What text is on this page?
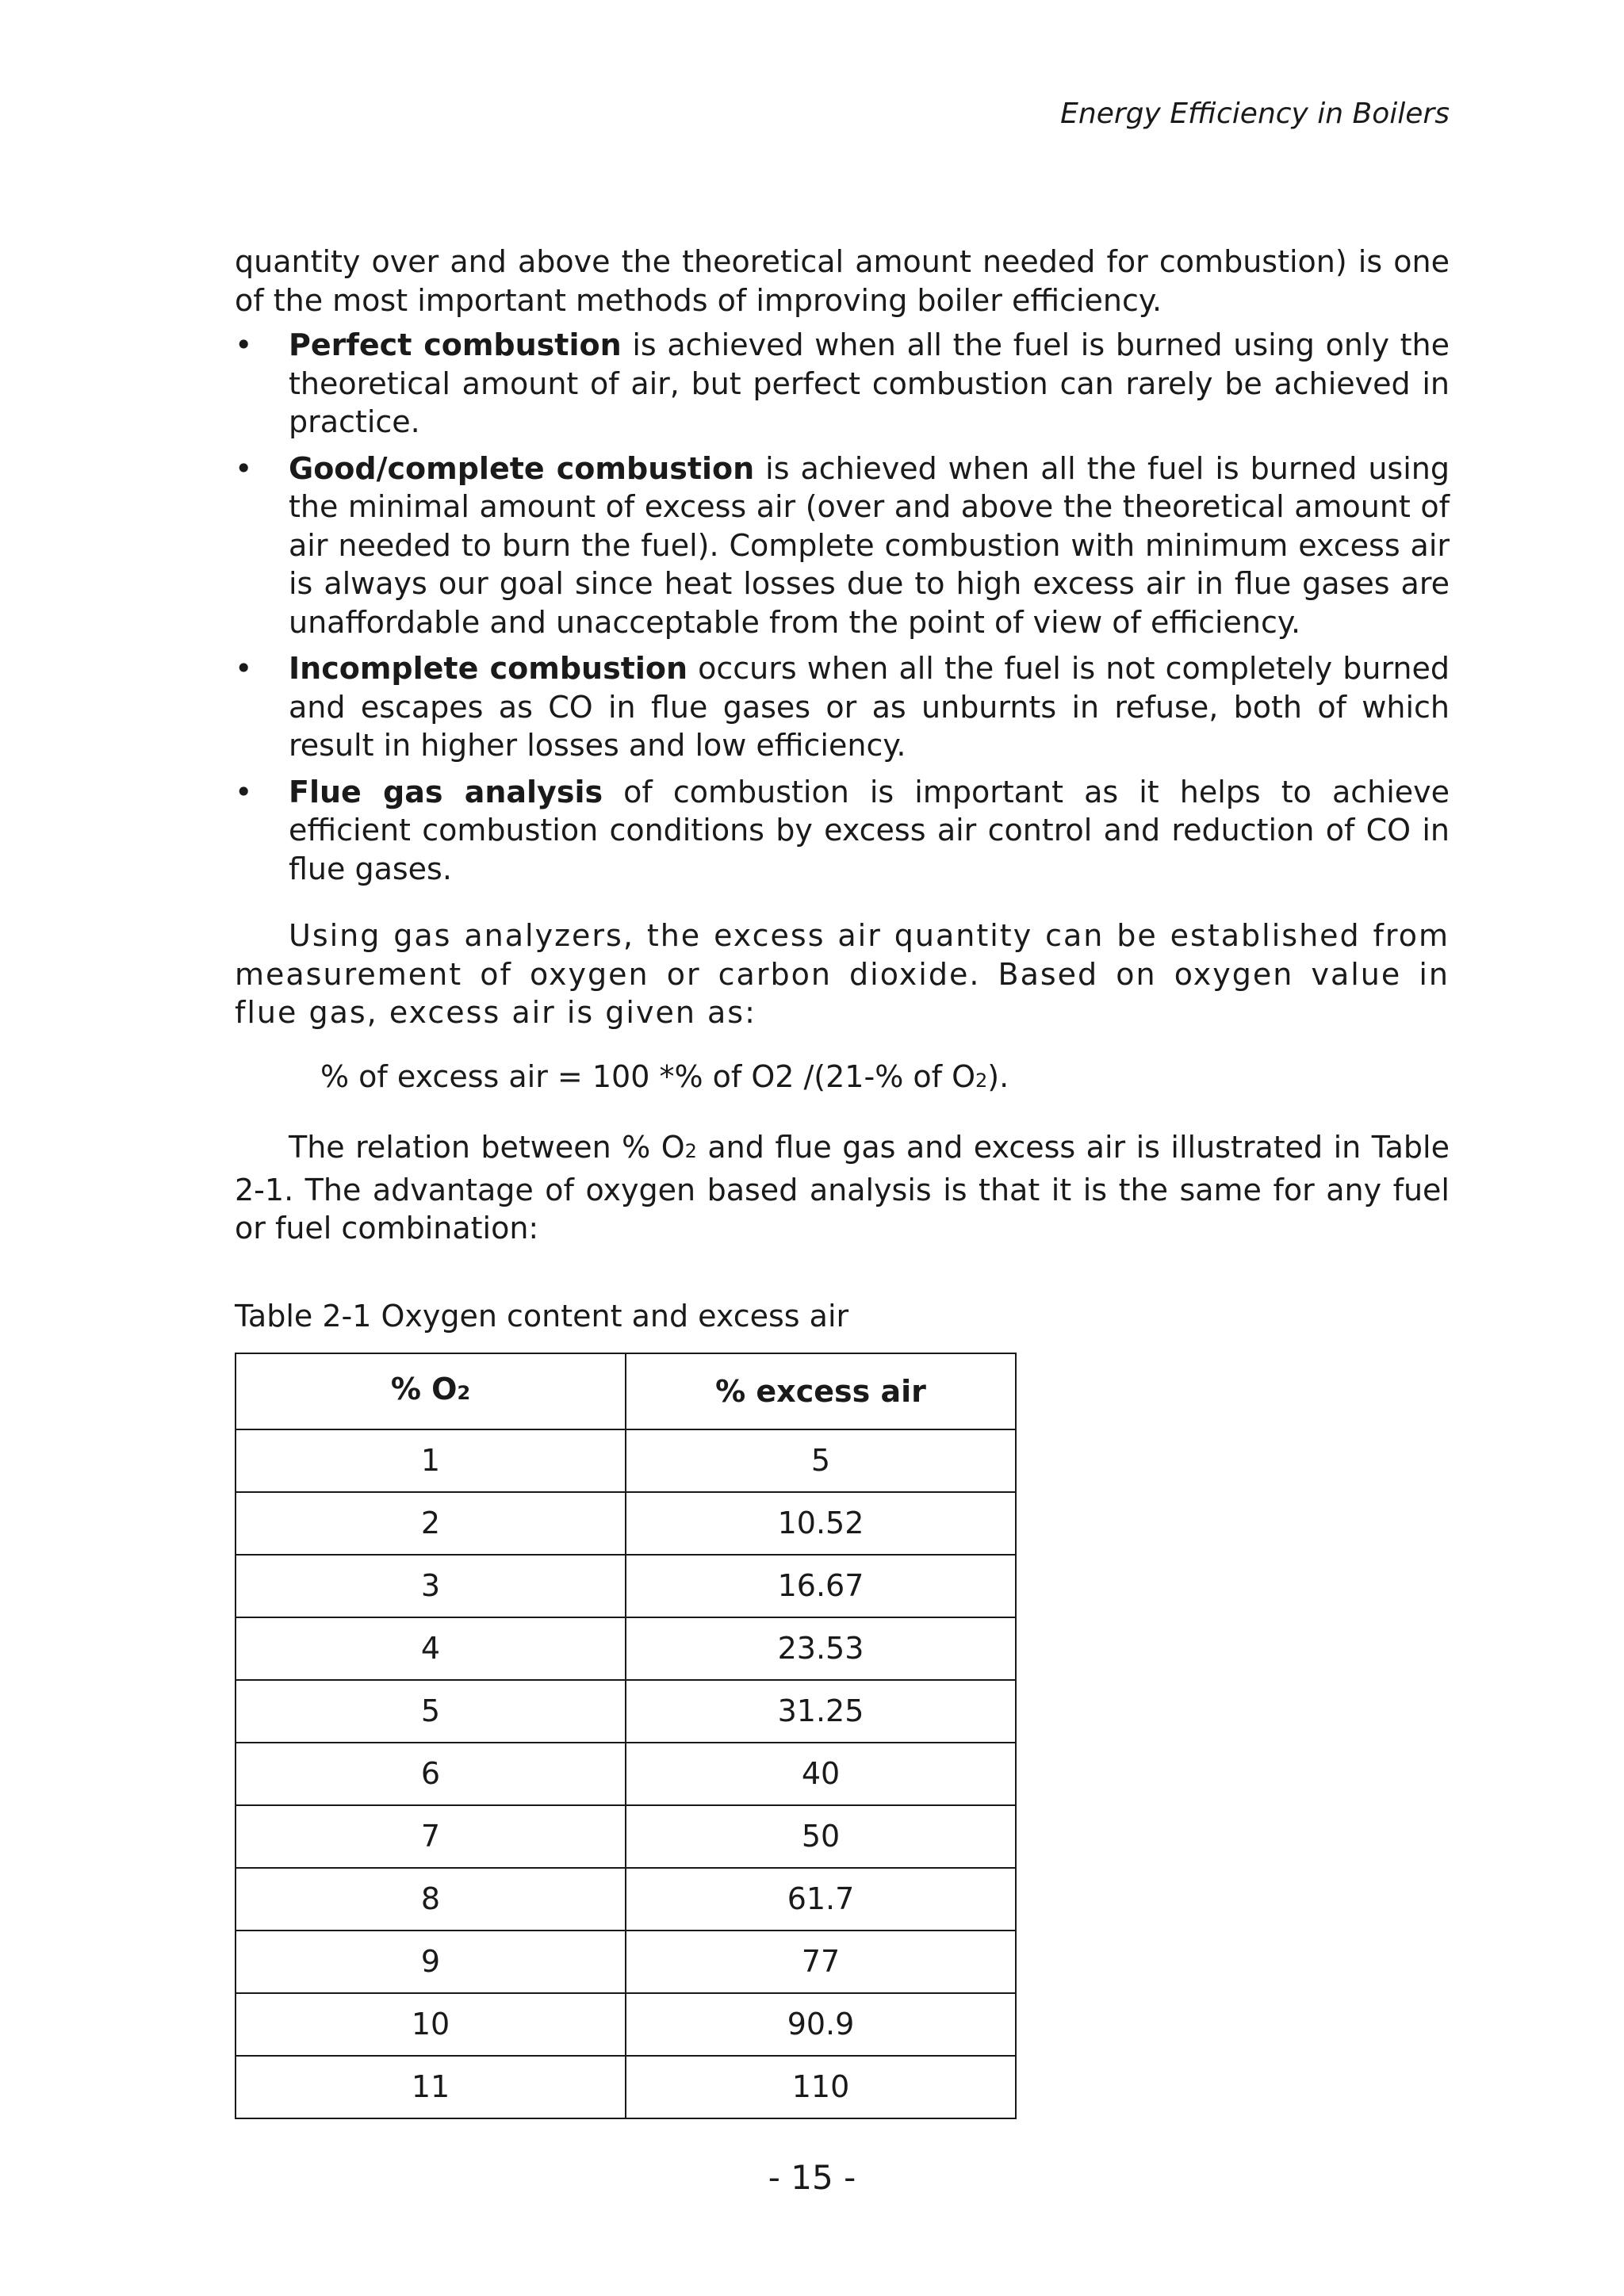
Energy Efficiency in Boilers

quantity over and above the theoretical amount needed for combustion) is one of the most important methods of improving boiler efficiency.

• Perfect combustion is achieved when all the fuel is burned using only the theoretical amount of air, but perfect combustion can rarely be achieved in practice.
• Good/complete combustion is achieved when all the fuel is burned using the minimal amount of excess air (over and above the theoretical amount of air needed to burn the fuel). Complete combustion with minimum excess air is always our goal since heat losses due to high excess air in flue gases are unaffordable and unacceptable from the point of view of efficiency.
• Incomplete combustion occurs when all the fuel is not completely burned and escapes as CO in flue gases or as unburnts in refuse, both of which result in higher losses and low efficiency.
• Flue gas analysis of combustion is important as it helps to achieve efficient combustion conditions by excess air control and reduction of CO in flue gases.

Using gas analyzers, the excess air quantity can be established from measurement of oxygen or carbon dioxide. Based on oxygen value in flue gas, excess air is given as:

% of excess air = 100 *% of O2 /(21-% of O2).

The relation between % O2 and flue gas and excess air is illustrated in Table 2-1. The advantage of oxygen based analysis is that it is the same for any fuel or fuel combination:

Table 2-1 Oxygen content and excess air
% O2	% excess air
1	5
2	10.52
3	16.67
4	23.53
5	31.25
6	40
7	50
8	61.7
9	77
10	90.9
11	110
- 15 -
